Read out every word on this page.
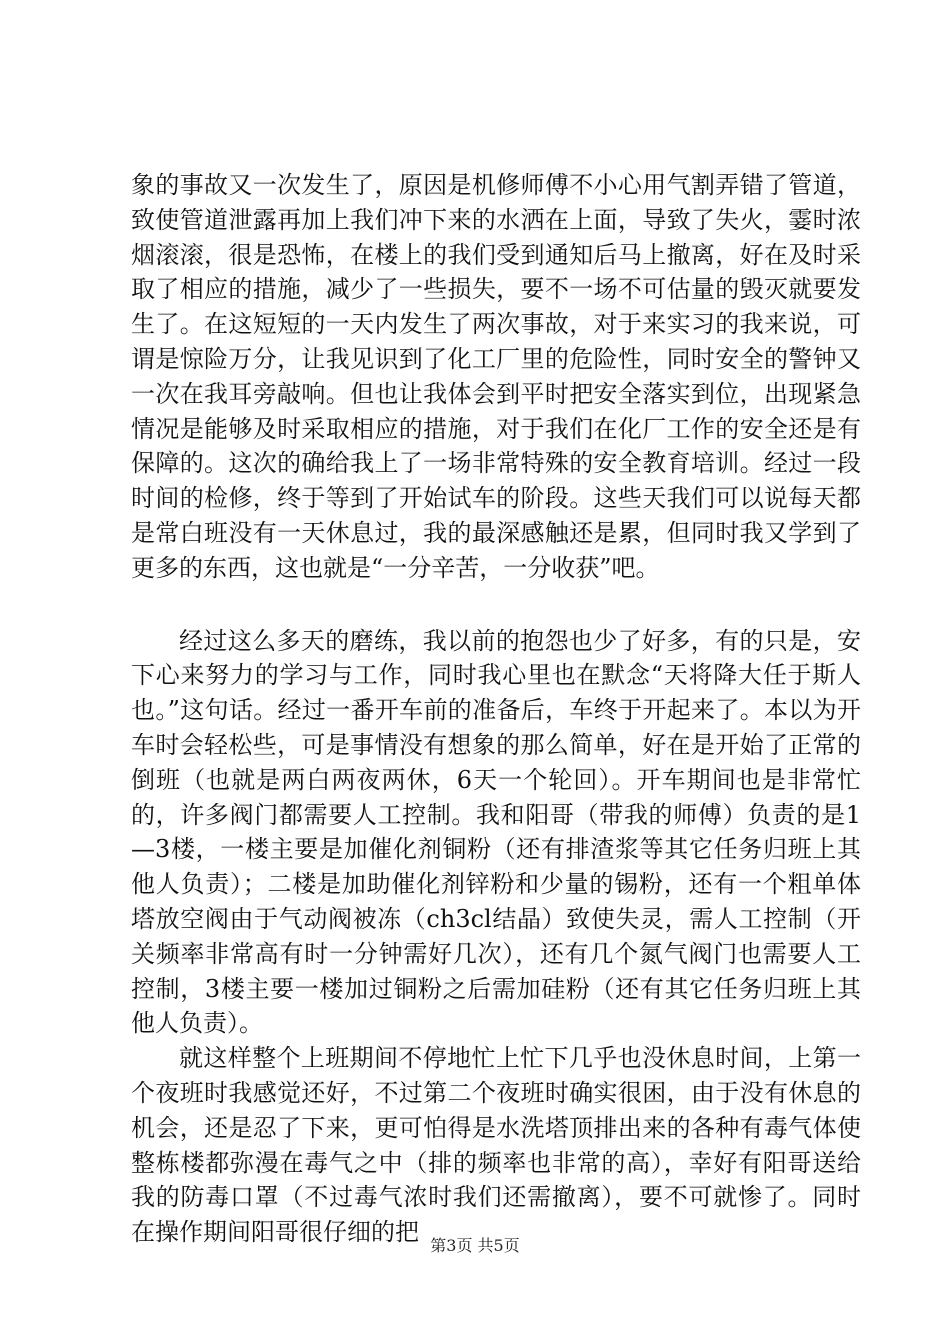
象的事故又一次发生了，原因是机修师傅不小心用气割弄错了管道，致使管道泄露再加上我们冲下来的水洒在上面，导致了失火，霎时浓烟滚滚，很是恐怖，在楼上的我们受到通知后马上撤离，好在及时采取了相应的措施，减少了一些损失，要不一场不可估量的毁灭就要发生了。在这短短的一天内发生了两次事故，对于来实习的我来说，可谓是惊险万分，让我见识到了化工厂里的危险性，同时安全的警钟又一次在我耳旁敲响。但也让我体会到平时把安全落实到位，出现紧急情况是能够及时采取相应的措施，对于我们在化厂工作的安全还是有保障的。这次的确给我上了一场非常特殊的安全教育培训。经过一段时间的检修，终于等到了开始试车的阶段。这些天我们可以说每天都是常白班没有一天休息过，我的最深感触还是累，但同时我又学到了更多的东西，这也就是“一分辛苦，一分收获”吧。

经过这么多天的磨练，我以前的抱怨也少了好多，有的只是，安下心来努力的学习与工作，同时我心里也在默念“天将降大任于斯人也。”这句话。经过一番开车前的准备后，车终于开起来了。本以为开车时会轻松些，可是事情没有想象的那么简单，好在是开始了正常的倒班（也就是两白两夜两休，6天一个轮回）。开车期间也是非常忙的，许多阀门都需要人工控制。我和阳哥（带我的师傅）负责的是1—3楼，一楼主要是加催化剂铜粉（还有排渣浆等其它任务归班上其他人负责）；二楼是加助催化剂锌粉和少量的锡粉，还有一个粗单体塔放空阀由于气动阀被冻（ch3cl结晶）致使失灵，需人工控制（开关频率非常高有时一分钟需好几次），还有几个氮气阀门也需要人工控制，3楼主要一楼加过铜粉之后需加硅粉（还有其它任务归班上其他人负责）。

就这样整个上班期间不停地忙上忙下几乎也没休息时间，上第一个夜班时我感觉还好，不过第二个夜班时确实很困，由于没有休息的机会，还是忍了下来，更可怕得是水洗塔顶排出来的各种有毒气体使整栋楼都弥漫在毒气之中（排的频率也非常的高），幸好有阳哥送给我的防毒口罩（不过毒气浓时我们还需撤离），要不可就惨了。同时在操作期间阳哥很仔细的把 第3页 共5页
